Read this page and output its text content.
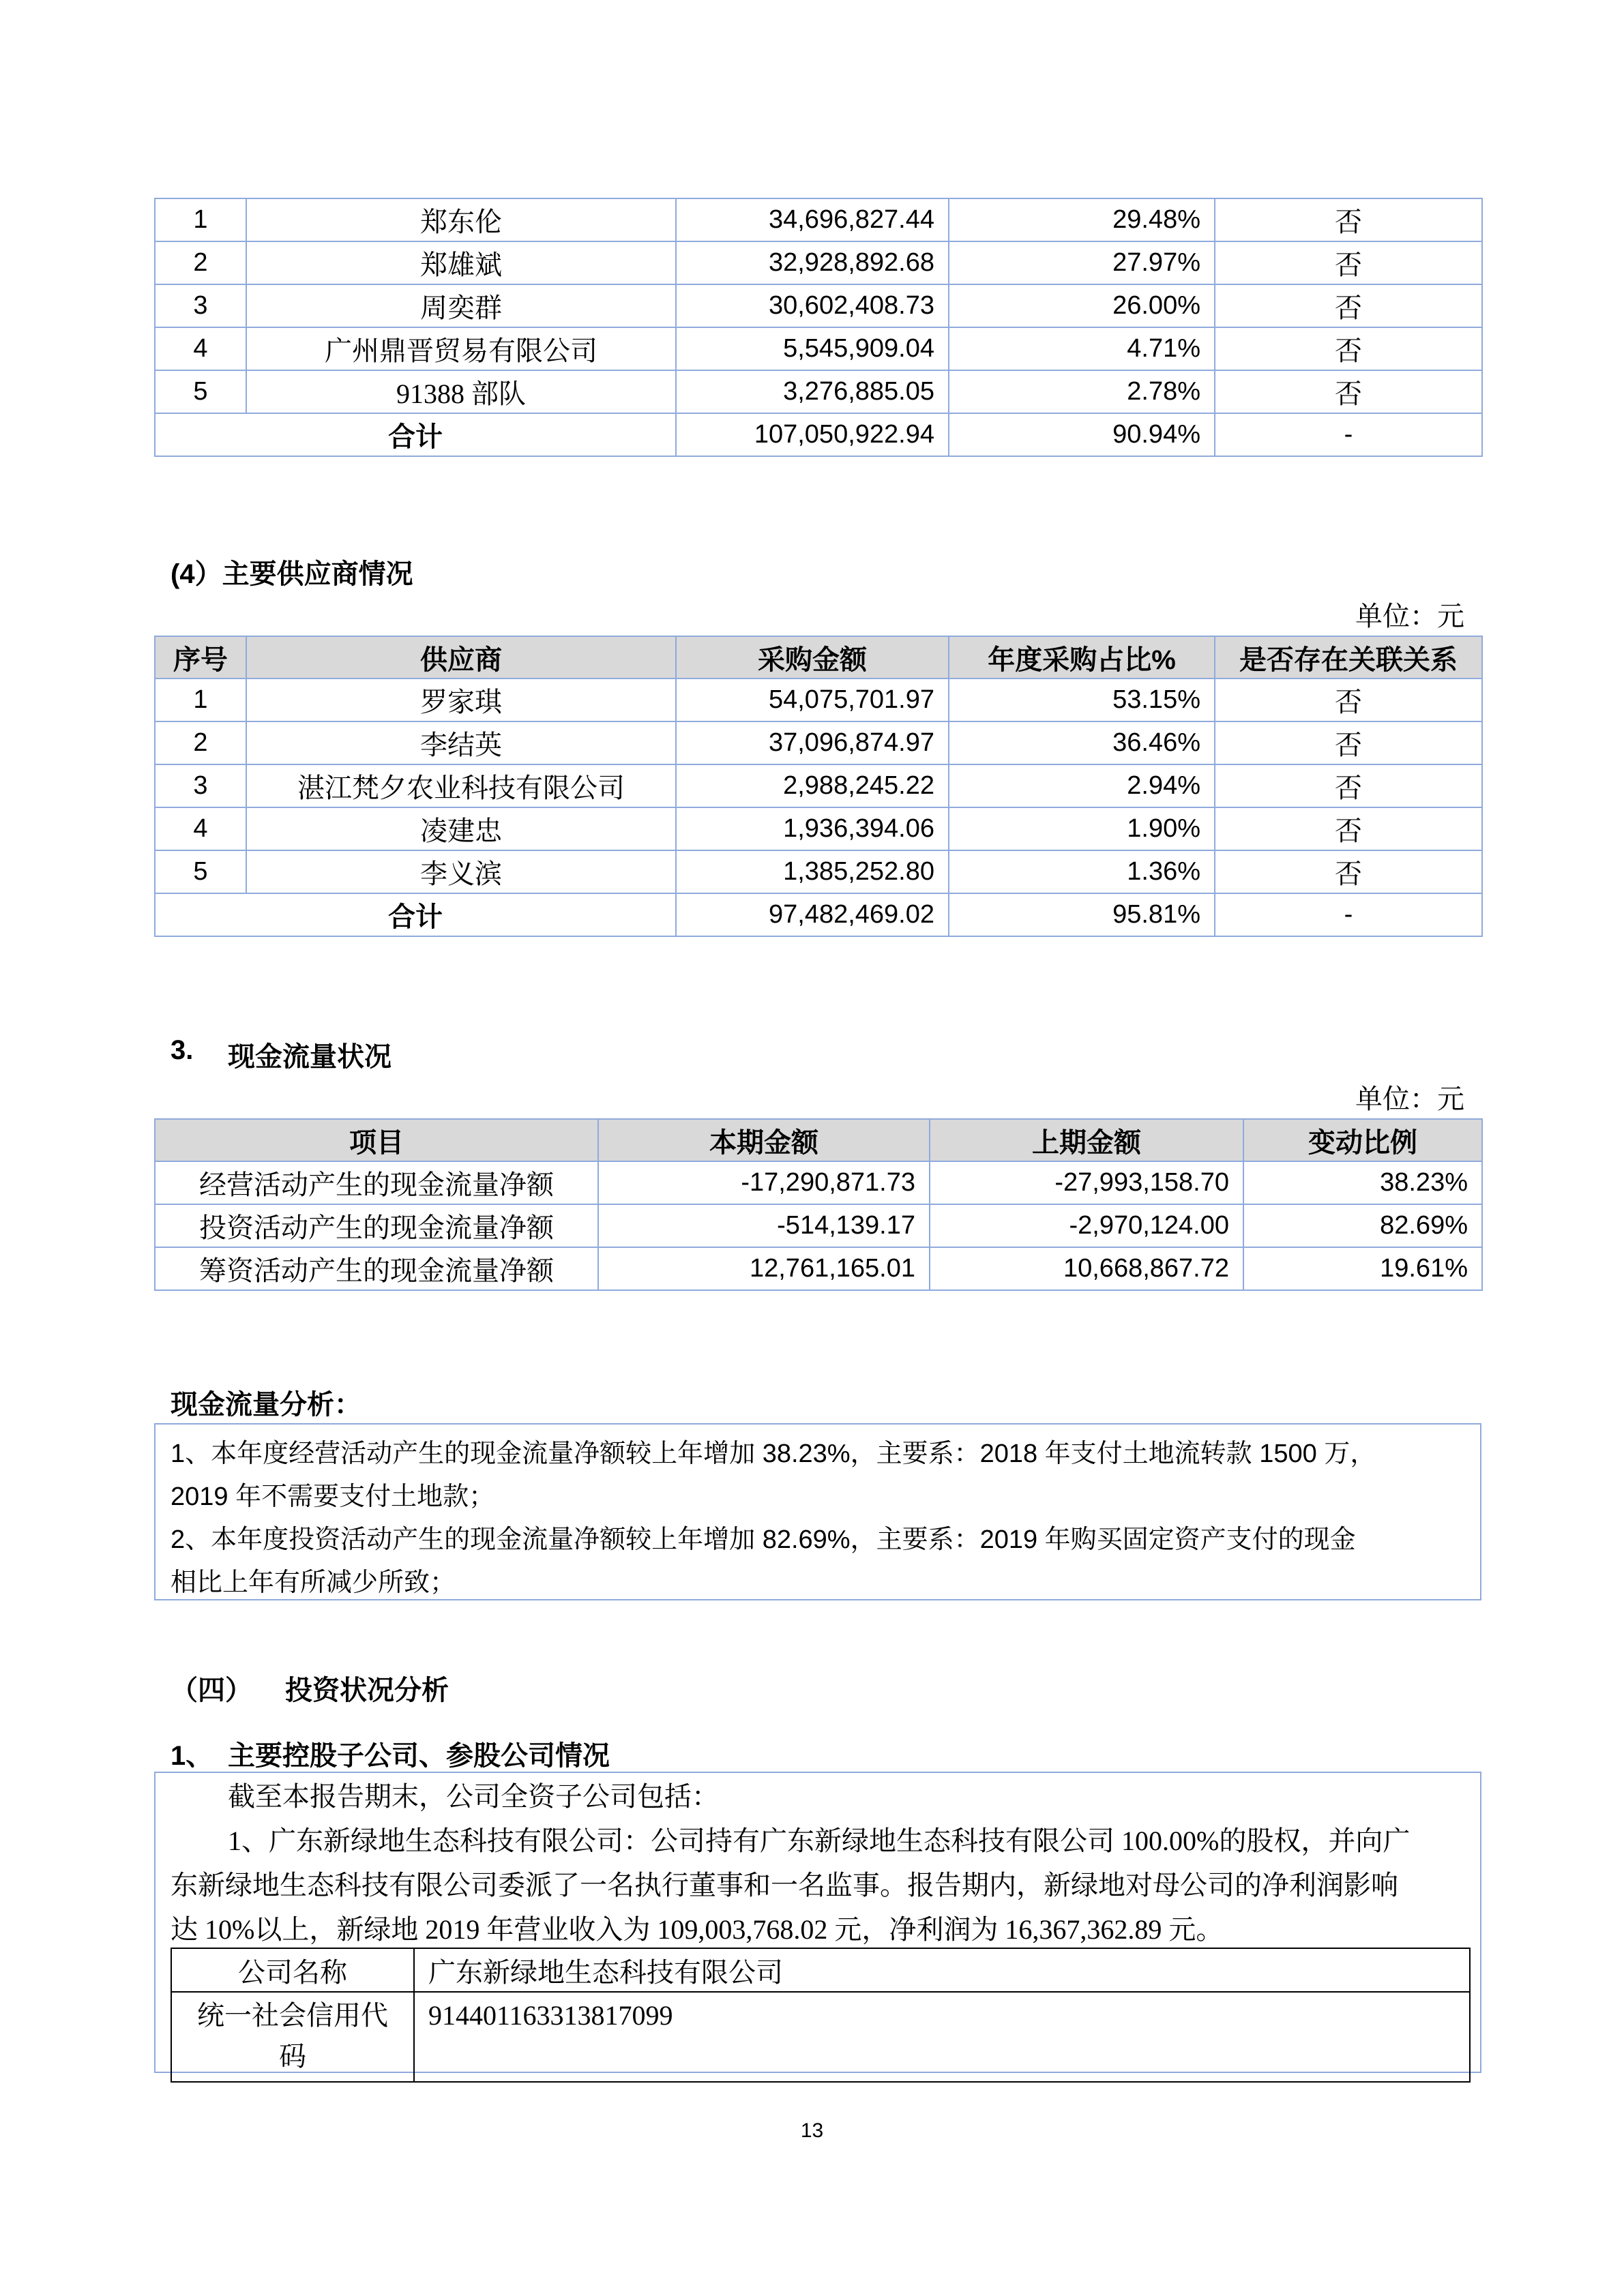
1	郑东伦	34,696,827.44	29.48%	否
2	郑雄斌	32,928,892.68	27.97%	否
3	周奕群	30,602,408.73	26.00%	否
4	广州鼎晋贸易有限公司	5,545,909.04	4.71%	否
5	91388 部队	3,276,885.05	2.78%	否
合计		107,050,922.94	90.94%	-
(4）主要供应商情况
单位：元
序号	供应商	采购金额	年度采购占比%	是否存在关联关系
1	罗家琪	54,075,701.97	53.15%	否
2	李结英	37,096,874.97	36.46%	否
3	湛江梵夕农业科技有限公司	2,988,245.22	2.94%	否
4	凌建忠	1,936,394.06	1.90%	否
5	李义滨	1,385,252.80	1.36%	否
合计		97,482,469.02	95.81%	-
3. 现金流量状况
单位：元
项目	本期金额	上期金额	变动比例
经营活动产生的现金流量净额	-17,290,871.73	-27,993,158.70	38.23%
投资活动产生的现金流量净额	-514,139.17	-2,970,124.00	82.69%
筹资活动产生的现金流量净额	12,761,165.01	10,668,867.72	19.61%
现金流量分析：
1、本年度经营活动产生的现金流量净额较上年增加 38.23%，主要系：2018 年支付土地流转款 1500 万，
2019 年不需要支付土地款；
2、本年度投资活动产生的现金流量净额较上年增加 82.69%，主要系：2019 年购买固定资产支付的现金
相比上年有所减少所致；
（四） 投资状况分析
1、 主要控股子公司、参股公司情况
截至本报告期末，公司全资子公司包括：
1、广东新绿地生态科技有限公司：公司持有广东新绿地生态科技有限公司 100.00%的股权，并向广
东新绿地生态科技有限公司委派了一名执行董事和一名监事。报告期内，新绿地对母公司的净利润影响
达 10%以上，新绿地 2019 年营业收入为 109,003,768.02 元，净利润为 16,367,362.89 元。
公司名称	广东新绿地生态科技有限公司

统一社会信用代
码	914401163313817099
13
